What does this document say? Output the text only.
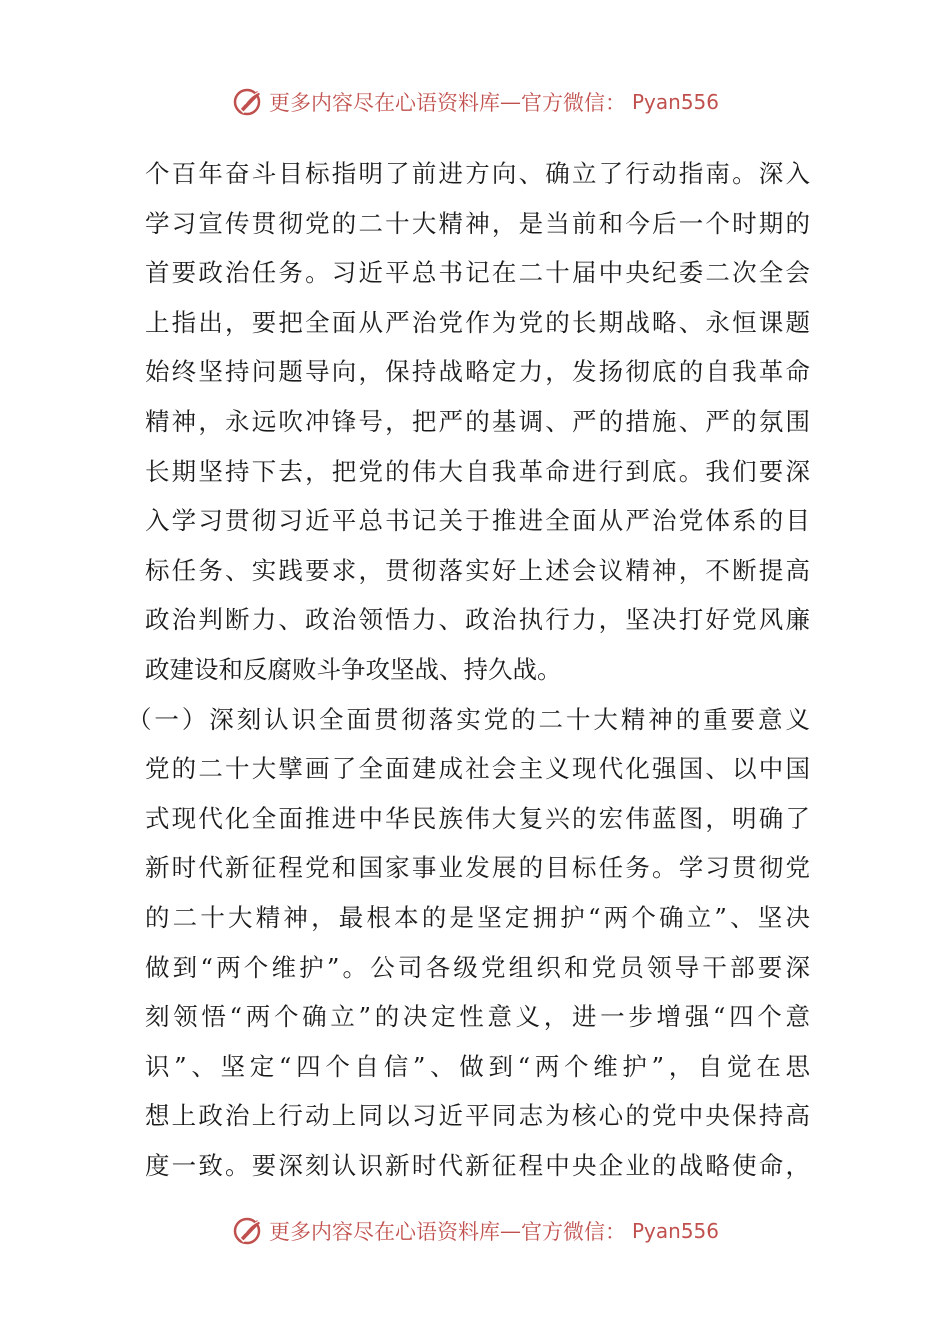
更多内容尽在心语资料库 — 官方微信： Pyan556
个百年奋斗目标指明了前进方向、确立了行动指南。深入
学习宣传贯彻党的二十大精神，是当前和今后一个时期的
首要政治任务。习近平总书记在二十届中央纪委二次全会
上指出，要把全面从严治党作为党的长期战略、永恒课题
始终坚持问题导向，保持战略定力，发扬彻底的自我革命
精神，永远吹冲锋号，把严的基调、严的措施、严的氛围
长期坚持下去，把党的伟大自我革命进行到底。我们要深
入学习贯彻习近平总书记关于推进全面从严治党体系的目
标任务、实践要求，贯彻落实好上述会议精神，不断提高
政治判断力、政治领悟力、政治执行力，坚决打好党风廉
政建设和反腐败斗争攻坚战、持久战。
（一）深刻认识全面贯彻落实党的二十大精神的重要意义
党的二十大擘画了全面建成社会主义现代化强国、以中国
式现代化全面推进中华民族伟大复兴的宏伟蓝图，明确了
新时代新征程党和国家事业发展的目标任务。学习贯彻党
的二十大精神，最根本的是坚定拥护“两个确立”、坚决
做到“两个维护”。公司各级党组织和党员领导干部要深
刻领悟“两个确立”的决定性意义，进一步增强“四个意
识”、坚定“四个自信”、做到“两个维护”，自觉在思
想上政治上行动上同以习近平同志为核心的党中央保持高
度一致。要深刻认识新时代新征程中央企业的战略使命，
更多内容尽在心语资料库 — 官方微信： Pyan556
